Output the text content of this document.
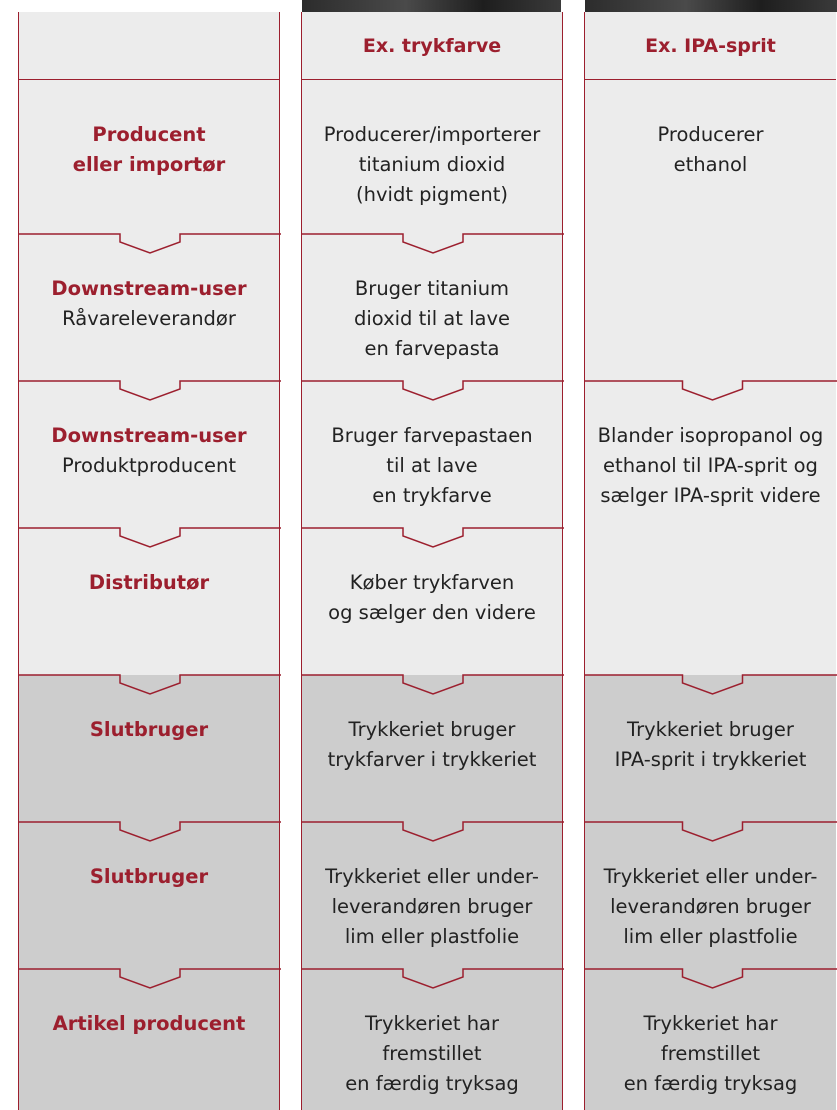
Producent
eller importør
Downstream-user
Råvareleverandør
Downstream-user
Produktproducent
Distributør
Slutbruger
Slutbruger
Artikel producent
Ex. trykfarve
Producerer/importerer
titanium dioxid
(hvidt pigment)
Bruger titanium
dioxid til at lave
en farvepasta
Bruger farvepastaen
til at lave
en trykfarve
Køber trykfarven
og sælger den videre
Trykkeriet bruger
trykfarver i trykkeriet
Trykkeriet eller under-
leverandøren bruger
lim eller plastfolie
Trykkeriet har
fremstillet
en færdig tryksag
Ex. IPA-sprit
Producerer
ethanol
Blander isopropanol og
ethanol til IPA-sprit og
sælger IPA-sprit videre
Trykkeriet bruger
IPA-sprit i trykkeriet
Trykkeriet eller under-
leverandøren bruger
lim eller plastfolie
Trykkeriet har
fremstillet
en færdig tryksag
